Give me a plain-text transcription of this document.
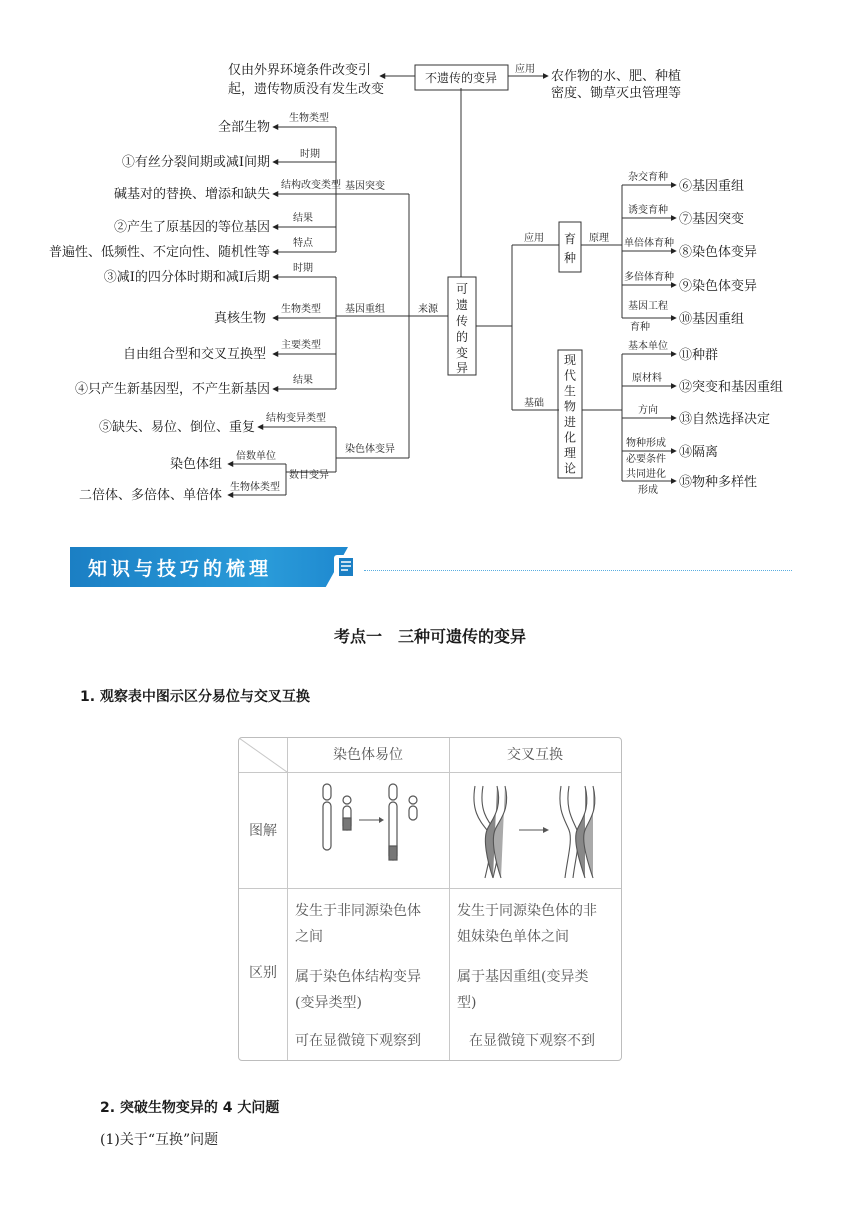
不遗传的变异
仅由外界环境条件改变引
起，遗传物质没有发生改变
应用 农作物的水、肥、种植
密度、锄草灭虫管理等
可
遗
传
的
变
异
来源
基因突变
生物类型
全部生物
时期
①有丝分裂间期或减Ⅰ间期
结构改变类型
碱基对的替换、增添和缺失
结果
②产生了原基因的等位基因
特点
普遍性、低频性、不定向性、随机性等
基因重组
时期
③减Ⅰ的四分体时期和减Ⅰ后期
生物类型
真核生物
主要类型
自由组合型和交叉互换型
结果
④只产生新基因型，不产生新基因
染色体变异
结构变异类型
⑤缺失、易位、倒位、重复
数目变异
倍数单位
染色体组
生物体类型
二倍体、多倍体、单倍体
应用
基础
育
种
原理
杂交育种
⑥基因重组
诱变育种
⑦基因突变
单倍体育种
⑧染色体变异
多倍体育种
⑨染色体变异
基因工程
育种
⑩基因重组
现
代
生
物
进
化
理
论
基本单位
⑪种群
原材料
⑫突变和基因重组
方向
⑬自然选择决定
物种形成
必要条件 ⑭隔离
共同进化
形成
⑮物种多样性
知识与技巧的梳理
考点一　三种可遗传的变异
1. 观察表中图示区分易位与交叉互换
染色体易位	交叉互换
图解
区别
发生于非同源染色体
之间
属于染色体结构变异
(变异类型)
可在显微镜下观察到
发生于同源染色体的非
姐妹染色单体之间
属于基因重组(变异类
型)
在显微镜下观察不到
2. 突破生物变异的 4 大问题
(1)关于“互换”问题
